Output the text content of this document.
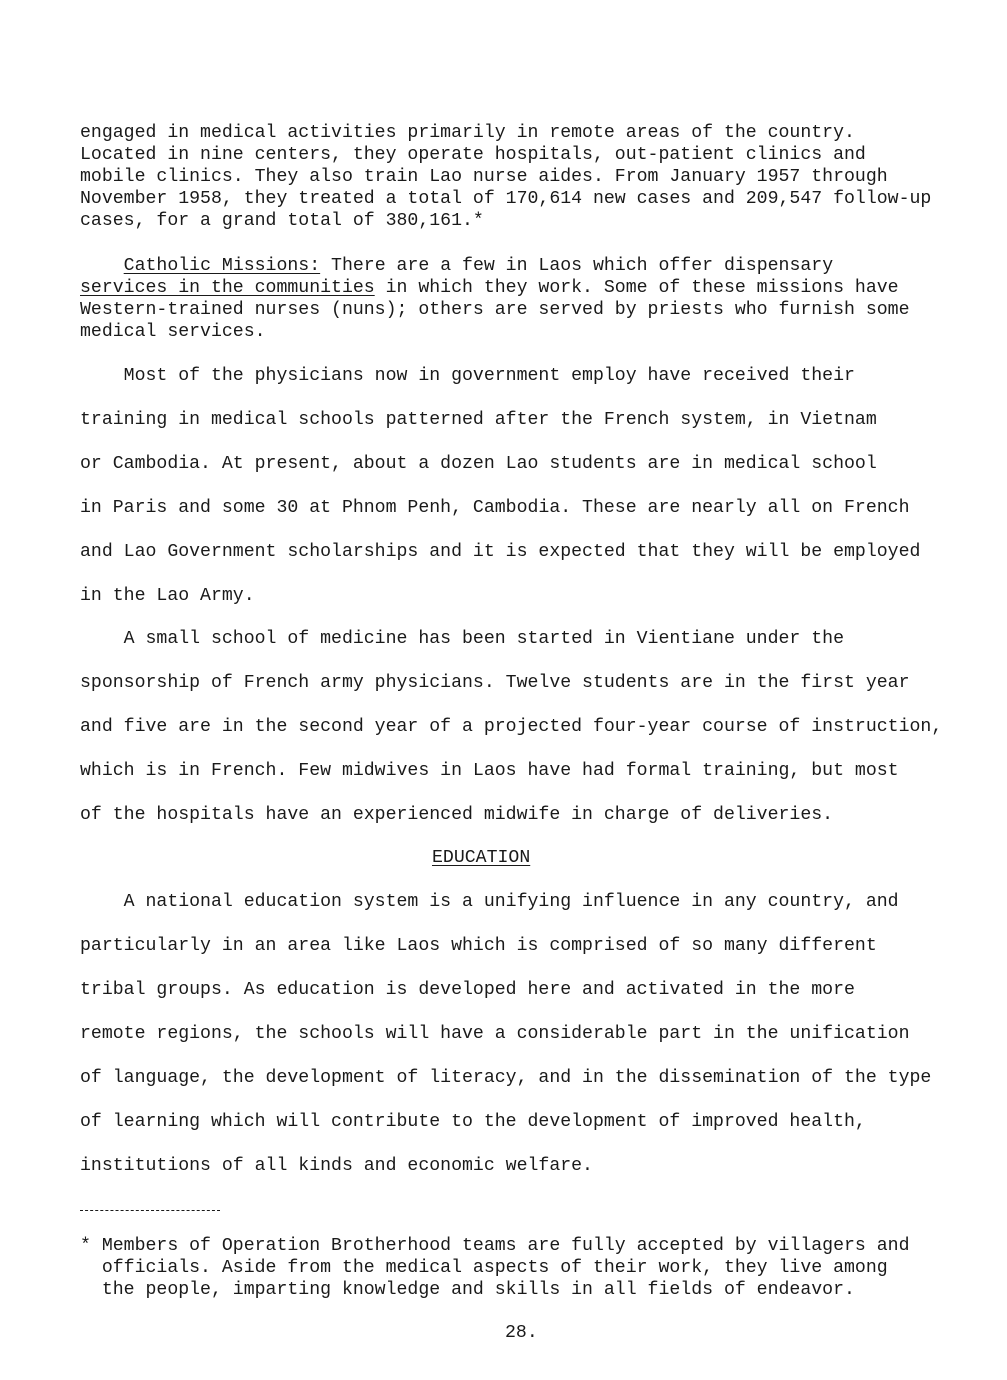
engaged in medical activities primarily in remote areas of the country.
Located in nine centers, they operate hospitals, out-patient clinics and
mobile clinics. They also train Lao nurse aides. From January 1957 through
November 1958, they treated a total of 170,614 new cases and 209,547 follow-up
cases, for a grand total of 380,161.*
Catholic Missions: There are a few in Laos which offer dispensary
services in the communities in which they work. Some of these missions have
Western-trained nurses (nuns); others are served by priests who furnish some
medical services.
Most of the physicians now in government employ have received their
training in medical schools patterned after the French system, in Vietnam
or Cambodia. At present, about a dozen Lao students are in medical school
in Paris and some 30 at Phnom Penh, Cambodia. These are nearly all on French
and Lao Government scholarships and it is expected that they will be employed
in the Lao Army.
A small school of medicine has been started in Vientiane under the
sponsorship of French army physicians. Twelve students are in the first year
and five are in the second year of a projected four-year course of instruction,
which is in French. Few midwives in Laos have had formal training, but most
of the hospitals have an experienced midwife in charge of deliveries.
EDUCATION
A national education system is a unifying influence in any country, and
particularly in an area like Laos which is comprised of so many different
tribal groups. As education is developed here and activated in the more
remote regions, the schools will have a considerable part in the unification
of language, the development of literacy, and in the dissemination of the type
of learning which will contribute to the development of improved health,
institutions of all kinds and economic welfare.
* Members of Operation Brotherhood teams are fully accepted by villagers and
officials. Aside from the medical aspects of their work, they live among
the people, imparting knowledge and skills in all fields of endeavor.
28.
